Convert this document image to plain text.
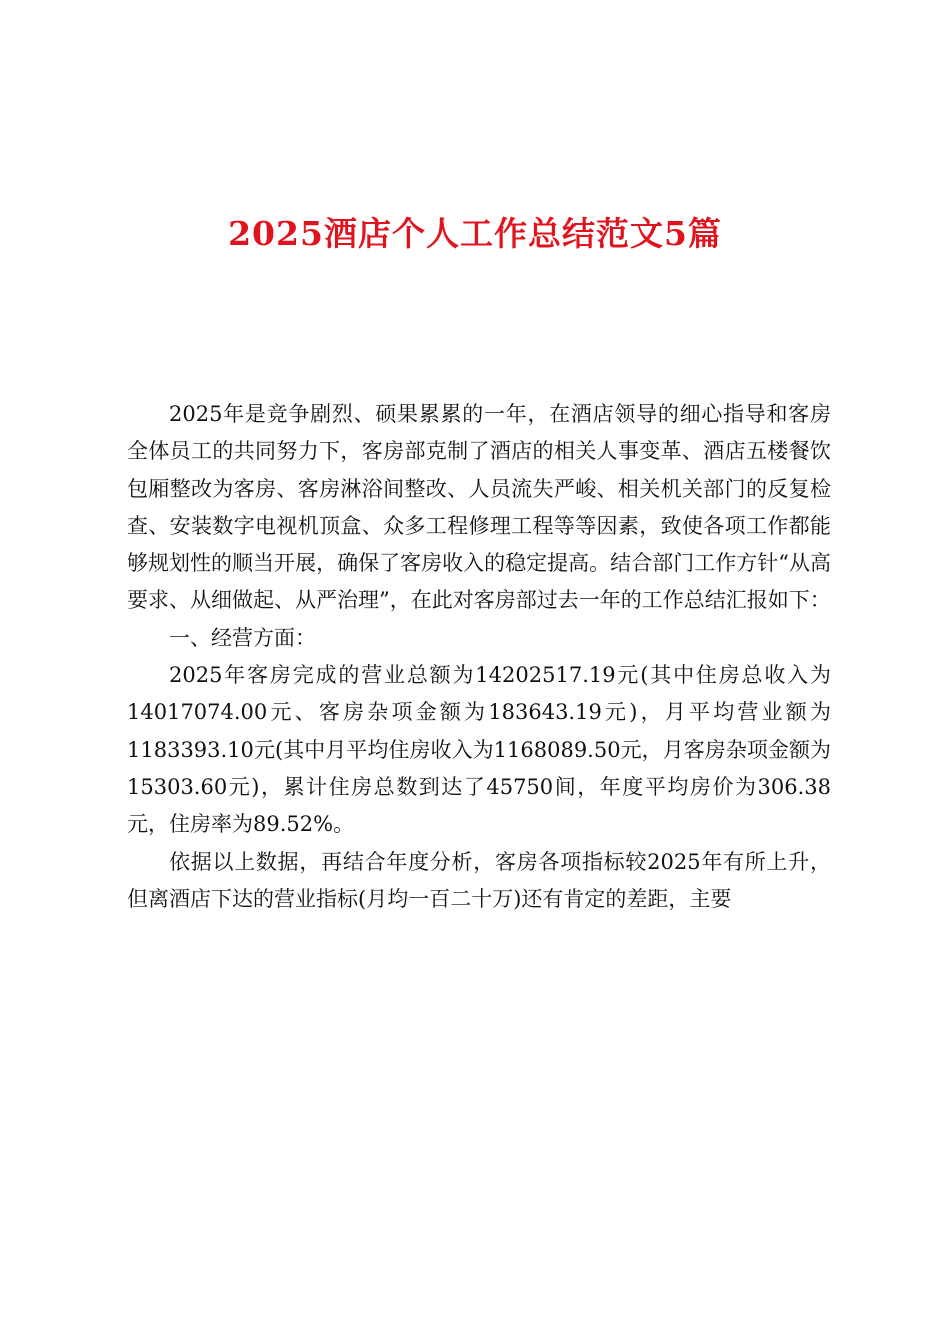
2025酒店个人工作总结范文5篇

2025年是竞争剧烈、硕果累累的一年，在酒店领导的细心指导和客房全体员工的共同努力下，客房部克制了酒店的相关人事变革、酒店五楼餐饮包厢整改为客房、客房淋浴间整改、人员流失严峻、相关机关部门的反复检查、安装数字电视机顶盒、众多工程修理工程等等因素，致使各项工作都能够规划性的顺当开展，确保了客房收入的稳定提高。结合部门工作方针“从高要求、从细做起、从严治理”，在此对客房部过去一年的工作总结汇报如下：

一、经营方面：

2025年客房完成的营业总额为14202517.19元(其中住房总收入为14017074.00元、客房杂项金额为183643.19元)，月平均营业额为1183393.10元(其中月平均住房收入为1168089.50元，月客房杂项金额为15303.60元)，累计住房总数到达了45750间，年度平均房价为306.38元，住房率为89.52%。

依据以上数据，再结合年度分析，客房各项指标较2025年有所上升，但离酒店下达的营业指标(月均一百二十万)还有肯定的差距，主要
